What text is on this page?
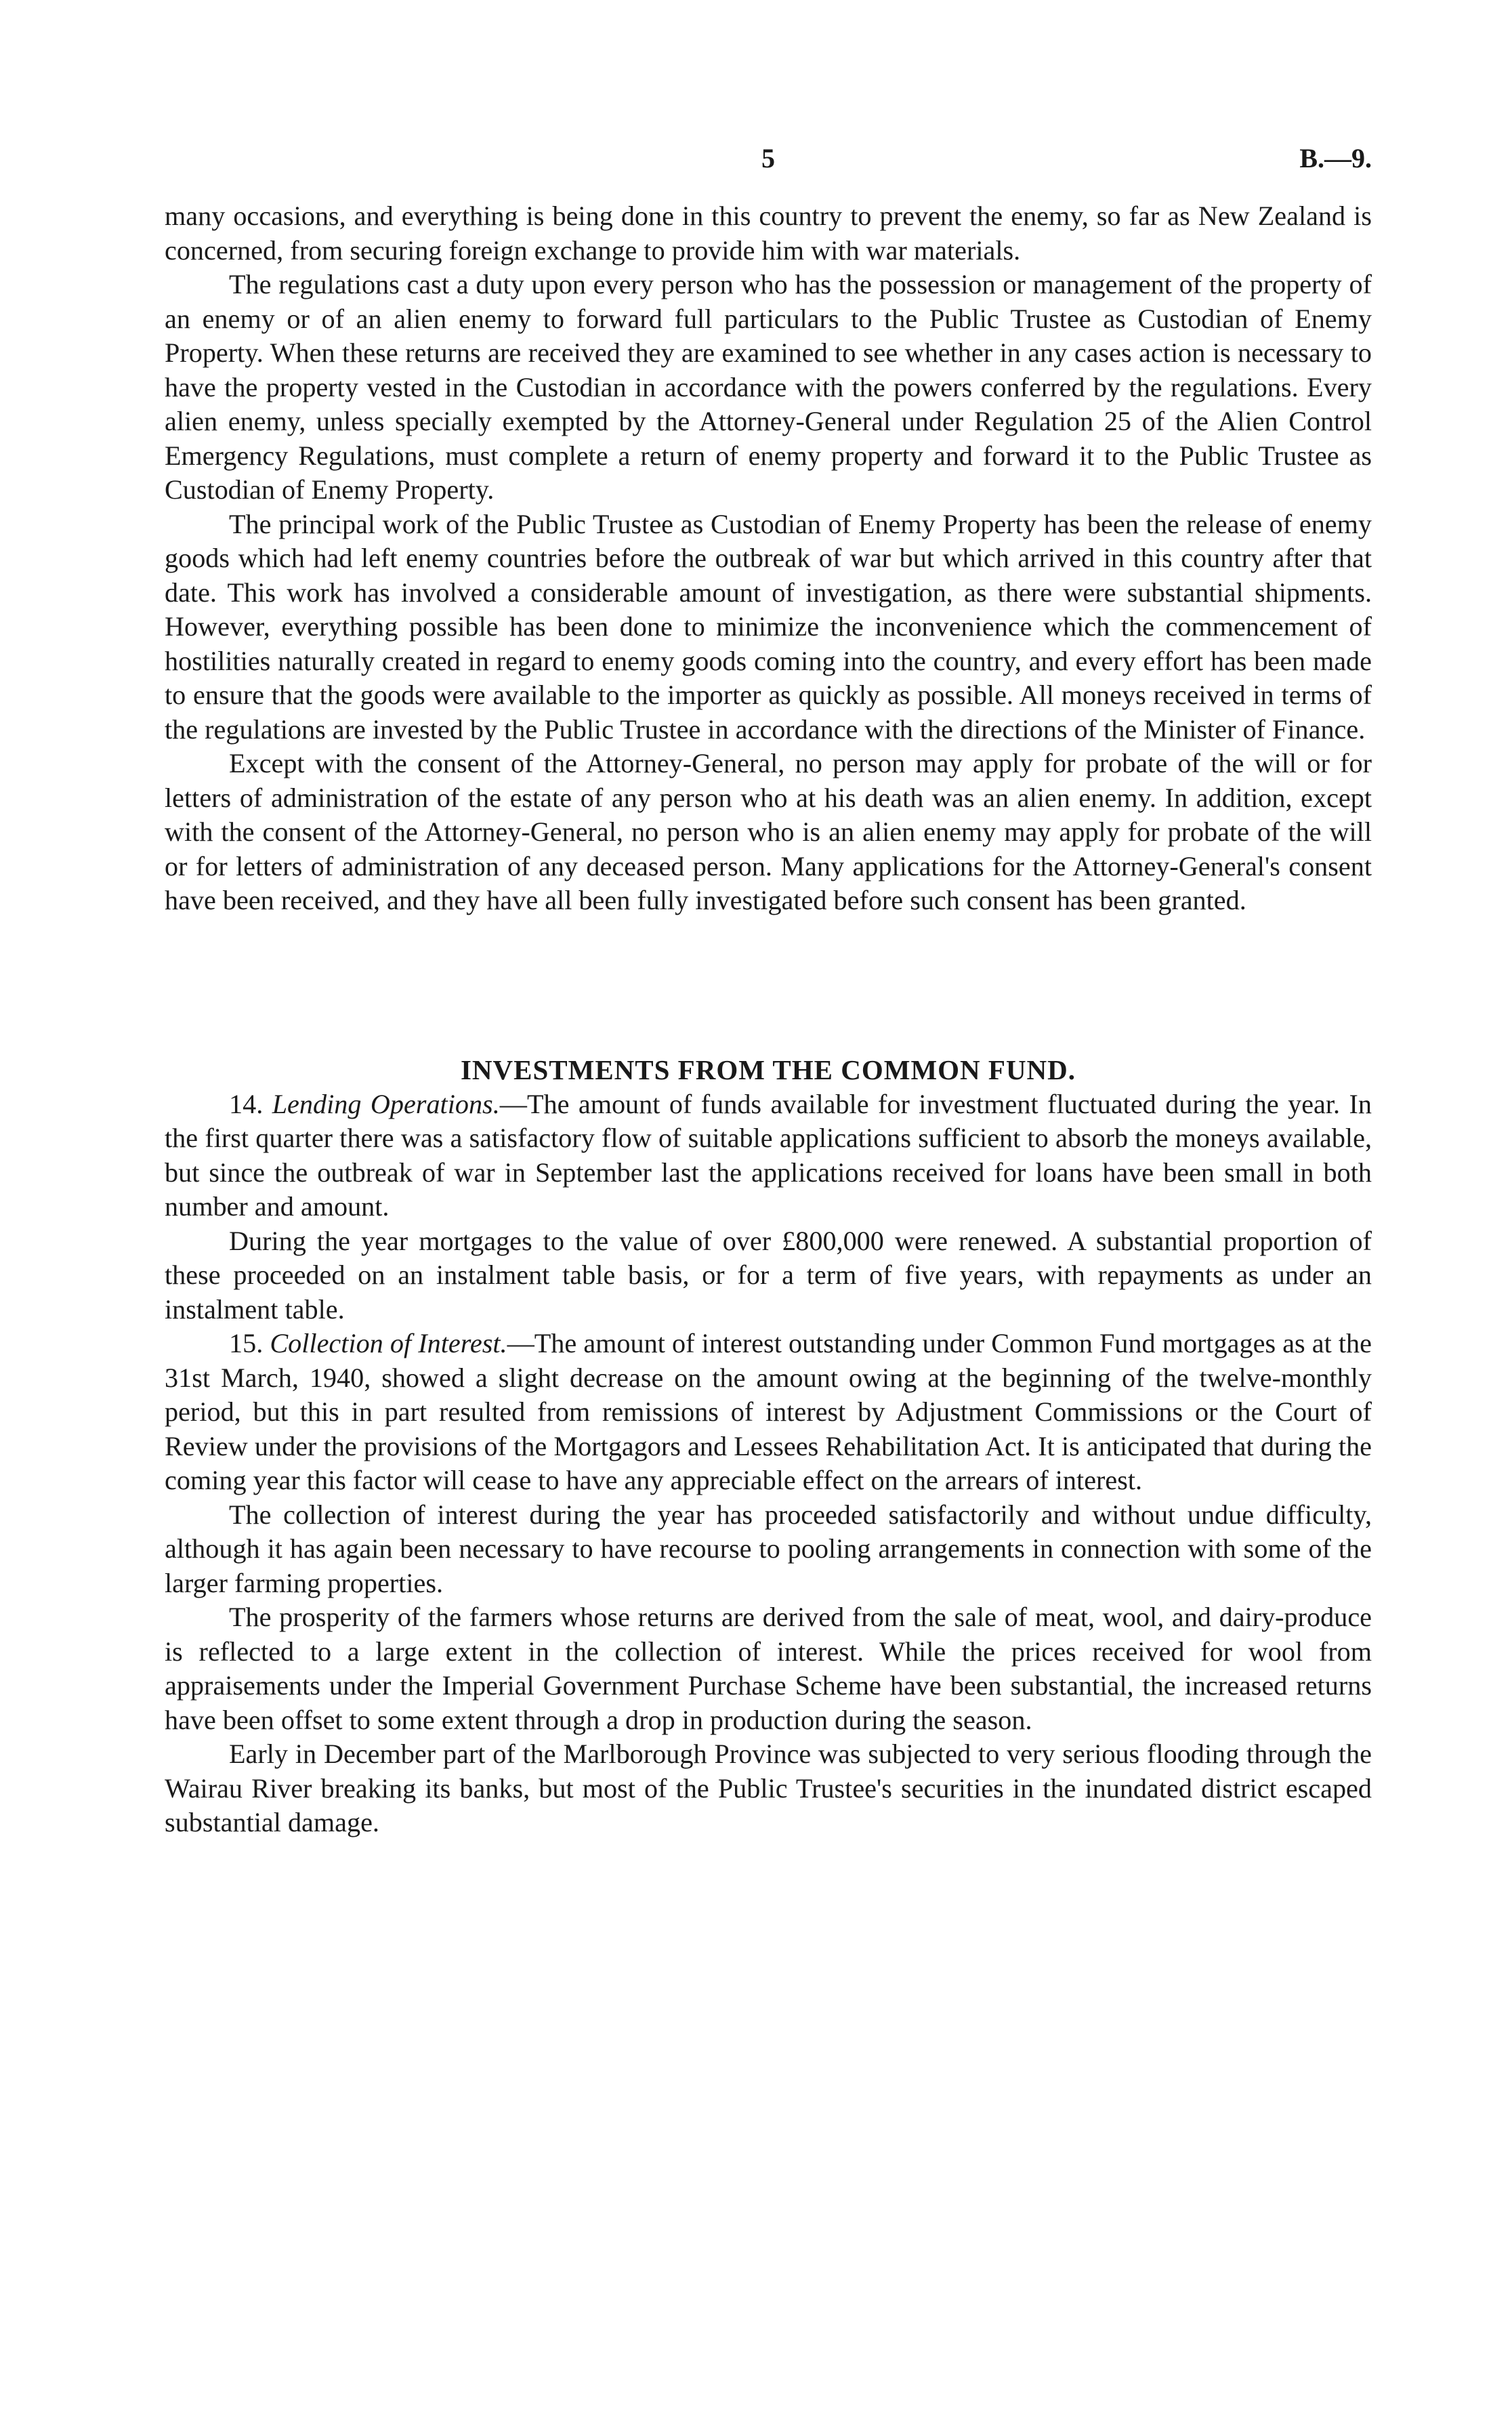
5	B.—9.

many occasions, and everything is being done in this country to prevent the enemy, so far as New Zealand is concerned, from securing foreign exchange to provide him with war materials.

The regulations cast a duty upon every person who has the possession or management of the property of an enemy or of an alien enemy to forward full particulars to the Public Trustee as Custodian of Enemy Property. When these returns are received they are examined to see whether in any cases action is necessary to have the property vested in the Custodian in accordance with the powers conferred by the regulations. Every alien enemy, unless specially exempted by the Attorney-General under Regulation 25 of the Alien Control Emergency Regulations, must complete a return of enemy property and forward it to the Public Trustee as Custodian of Enemy Property.

The principal work of the Public Trustee as Custodian of Enemy Property has been the release of enemy goods which had left enemy countries before the outbreak of war but which arrived in this country after that date. This work has involved a considerable amount of investigation, as there were substantial shipments. However, everything possible has been done to minimize the inconvenience which the commencement of hostilities naturally created in regard to enemy goods coming into the country, and every effort has been made to ensure that the goods were available to the importer as quickly as possible. All moneys received in terms of the regulations are invested by the Public Trustee in accordance with the directions of the Minister of Finance.

Except with the consent of the Attorney-General, no person may apply for probate of the will or for letters of administration of the estate of any person who at his death was an alien enemy. In addition, except with the consent of the Attorney-General, no person who is an alien enemy may apply for probate of the will or for letters of administration of any deceased person. Many applications for the Attorney-General's consent have been received, and they have all been fully investigated before such consent has been granted.

INVESTMENTS FROM THE COMMON FUND.

14. Lending Operations.—The amount of funds available for investment fluctuated during the year. In the first quarter there was a satisfactory flow of suitable applications sufficient to absorb the moneys available, but since the outbreak of war in September last the applications received for loans have been small in both number and amount.

During the year mortgages to the value of over £800,000 were renewed. A substantial proportion of these proceeded on an instalment table basis, or for a term of five years, with repayments as under an instalment table.

15. Collection of Interest.—The amount of interest outstanding under Common Fund mortgages as at the 31st March, 1940, showed a slight decrease on the amount owing at the beginning of the twelve-monthly period, but this in part resulted from remissions of interest by Adjustment Commissions or the Court of Review under the provisions of the Mortgagors and Lessees Rehabilitation Act. It is anticipated that during the coming year this factor will cease to have any appreciable effect on the arrears of interest.

The collection of interest during the year has proceeded satisfactorily and without undue difficulty, although it has again been necessary to have recourse to pooling arrangements in connection with some of the larger farming properties.

The prosperity of the farmers whose returns are derived from the sale of meat, wool, and dairy-produce is reflected to a large extent in the collection of interest. While the prices received for wool from appraisements under the Imperial Government Purchase Scheme have been substantial, the increased returns have been offset to some extent through a drop in production during the season.

Early in December part of the Marlborough Province was subjected to very serious flooding through the Wairau River breaking its banks, but most of the Public Trustee's securities in the inundated district escaped substantial damage.
